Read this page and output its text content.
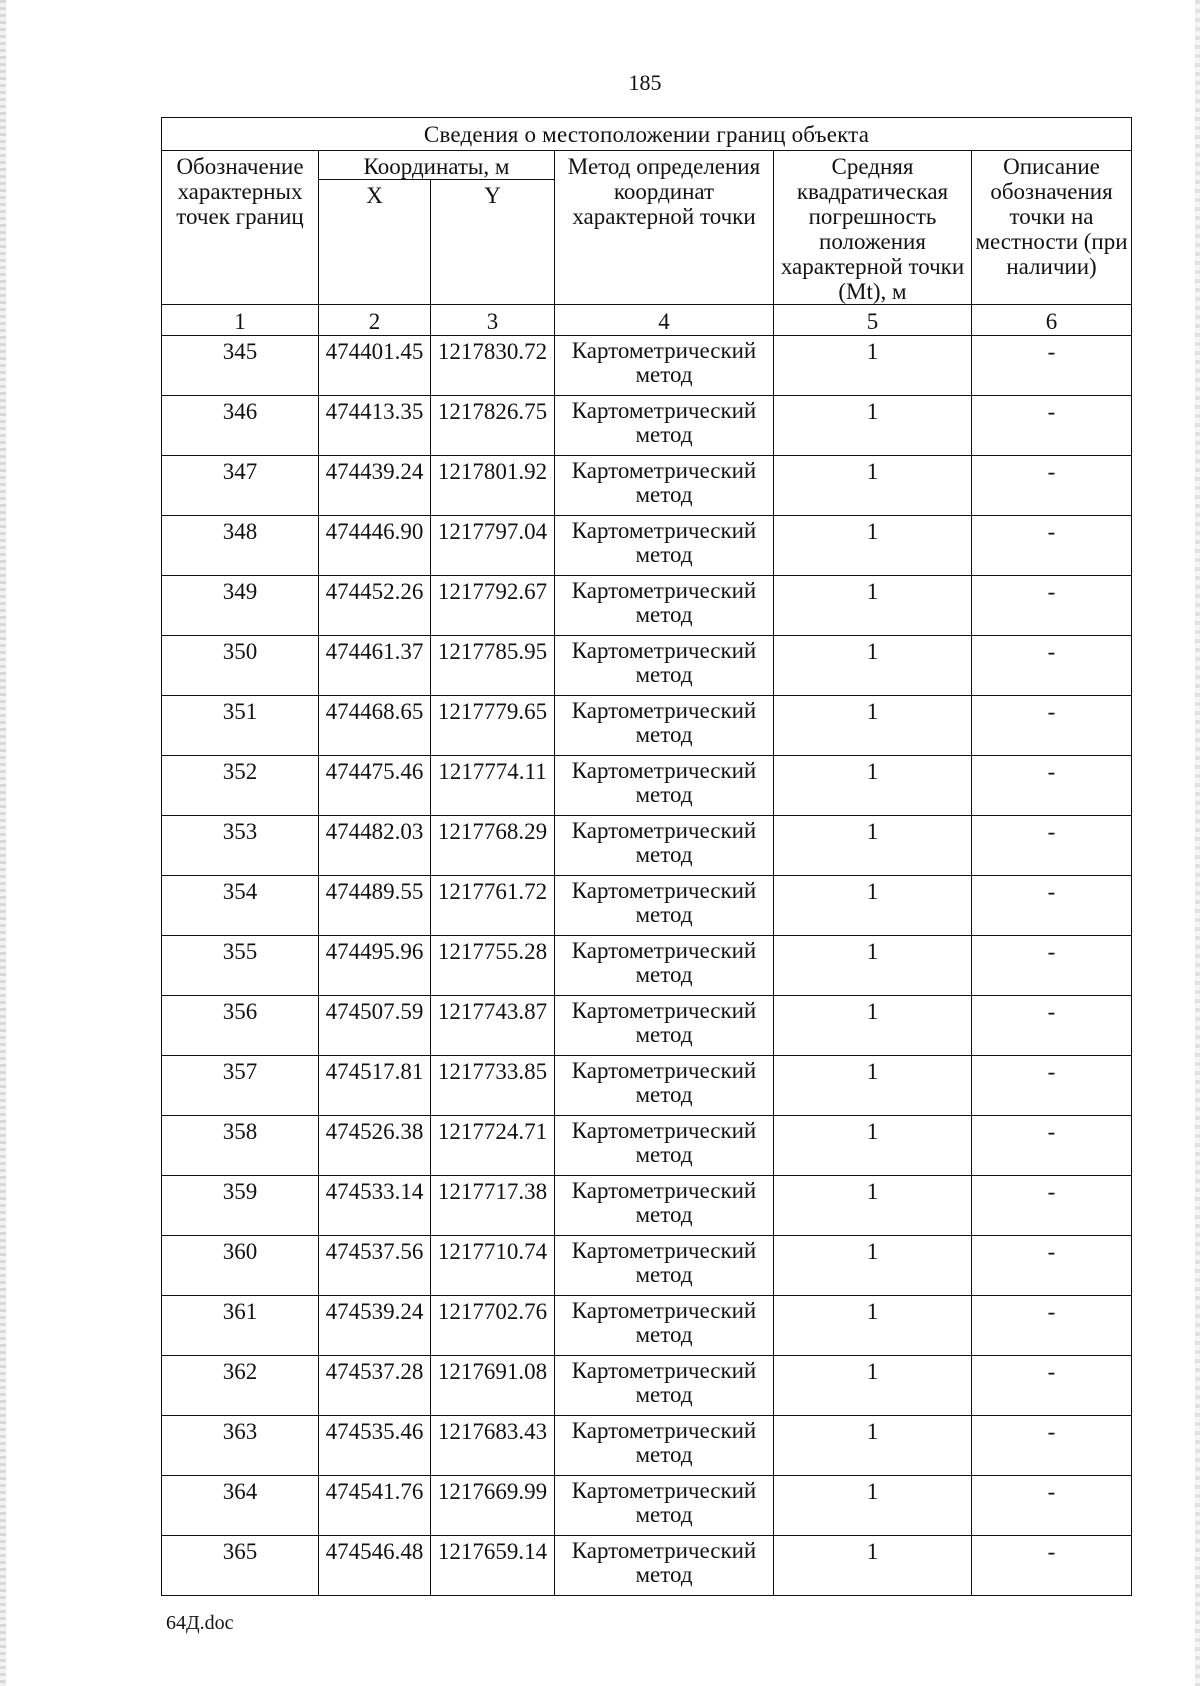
185
Сведения о местоположении границ объекта					
Обозначение характерных точек границ	Координаты, м		Метод определения координат характерной точки	Средняя квадратическая погрешность положения характерной точки (Mt), м	Описание обозначения точки на местности (при наличии)
	X	Y			
1	2	3	4	5	6
345	474401.45	1217830.72	Картометрический метод	1	-
346	474413.35	1217826.75	Картометрический метод	1	-
347	474439.24	1217801.92	Картометрический метод	1	-
348	474446.90	1217797.04	Картометрический метод	1	-
349	474452.26	1217792.67	Картометрический метод	1	-
350	474461.37	1217785.95	Картометрический метод	1	-
351	474468.65	1217779.65	Картометрический метод	1	-
352	474475.46	1217774.11	Картометрический метод	1	-
353	474482.03	1217768.29	Картометрический метод	1	-
354	474489.55	1217761.72	Картометрический метод	1	-
355	474495.96	1217755.28	Картометрический метод	1	-
356	474507.59	1217743.87	Картометрический метод	1	-
357	474517.81	1217733.85	Картометрический метод	1	-
358	474526.38	1217724.71	Картометрический метод	1	-
359	474533.14	1217717.38	Картометрический метод	1	-
360	474537.56	1217710.74	Картометрический метод	1	-
361	474539.24	1217702.76	Картометрический метод	1	-
362	474537.28	1217691.08	Картометрический метод	1	-
363	474535.46	1217683.43	Картометрический метод	1	-
364	474541.76	1217669.99	Картометрический метод	1	-
365	474546.48	1217659.14	Картометрический метод	1	-
64Д.doc
